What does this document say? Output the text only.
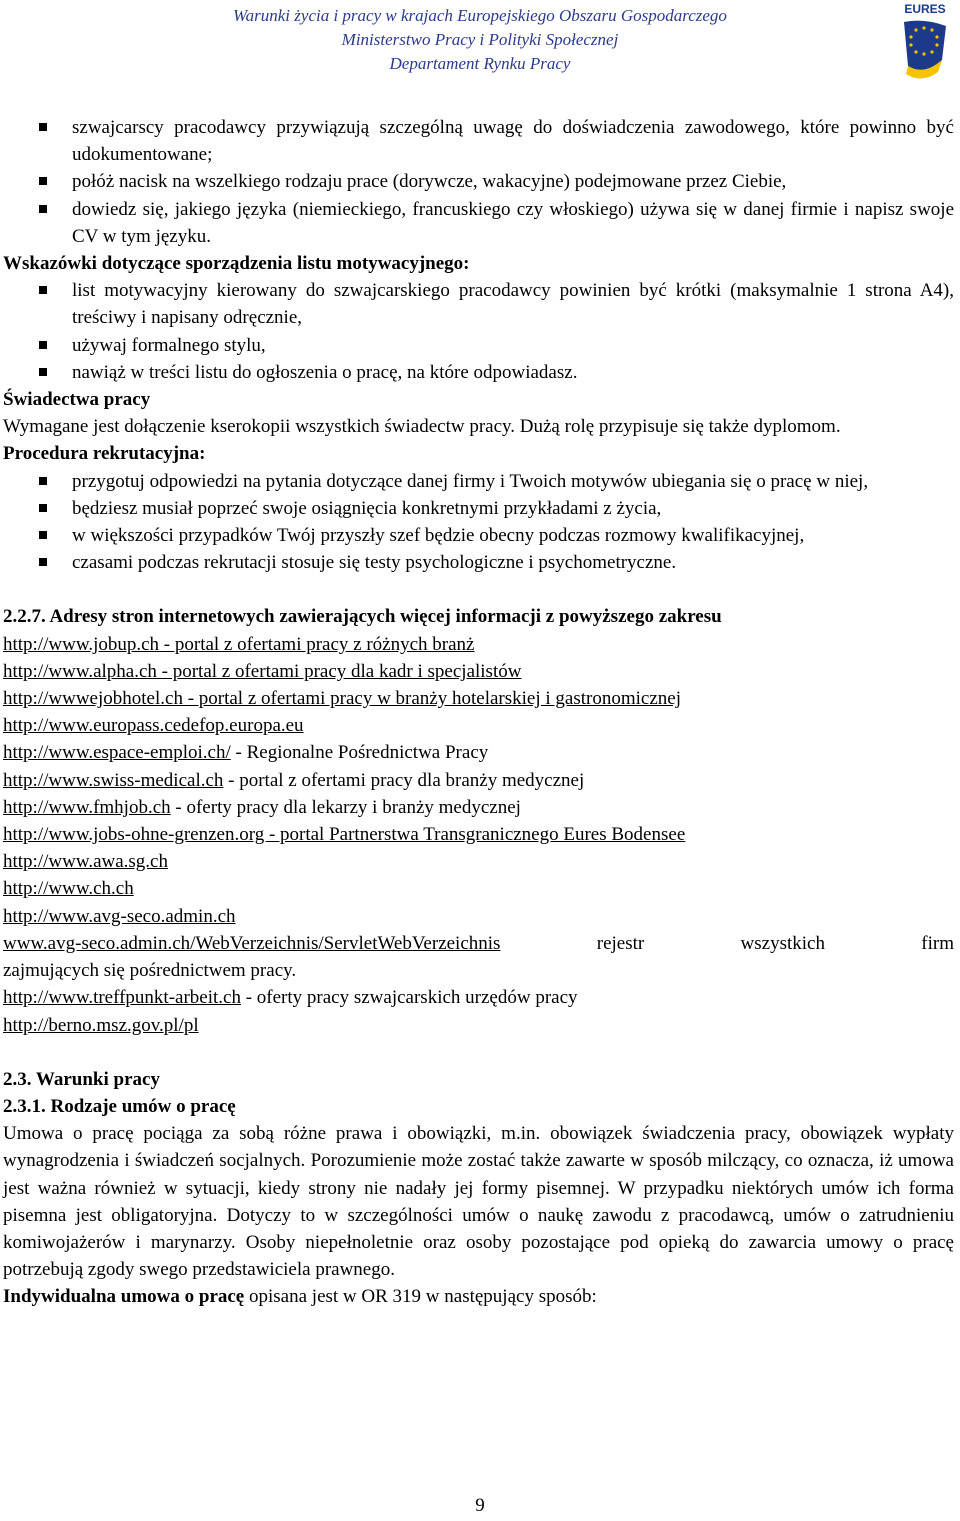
Warunki życia i pracy w krajach Europejskiego Obszaru Gospodarczego
Ministerstwo Pracy i Polityki Społecznej
Departament Rynku Pracy
EURES
szwajcarscy pracodawcy przywiązują szczególną uwagę do doświadczenia zawodowego, które powinno być udokumentowane;
połóż nacisk na wszelkiego rodzaju prace (dorywcze, wakacyjne) podejmowane przez Ciebie,
dowiedz się, jakiego języka (niemieckiego, francuskiego czy włoskiego) używa się w danej firmie i napisz swoje CV w tym języku.

Wskazówki dotyczące sporządzenia listu motywacyjnego:

list motywacyjny kierowany do szwajcarskiego pracodawcy powinien być krótki (maksymalnie 1 strona A4), treściwy i napisany odręcznie,
używaj formalnego stylu,
nawiąż w treści listu do ogłoszenia o pracę, na które odpowiadasz.

Świadectwa pracy

Wymagane jest dołączenie kserokopii wszystkich świadectw pracy. Dużą rolę przypisuje się także dyplomom.

Procedura rekrutacyjna:

przygotuj odpowiedzi na pytania dotyczące danej firmy i Twoich motywów ubiegania się o pracę w niej,
będziesz musiał poprzeć swoje osiągnięcia konkretnymi przykładami z życia,
w większości przypadków Twój przyszły szef będzie obecny podczas rozmowy kwalifikacyjnej,
czasami podczas rekrutacji stosuje się testy psychologiczne i psychometryczne.

2.2.7. Adresy stron internetowych zawierających więcej informacji z powyższego zakresu

http://www.jobup.ch - portal z ofertami pracy z różnych branż

http://www.alpha.ch - portal z ofertami pracy dla kadr i specjalistów

http://wwwejobhotel.ch - portal z ofertami pracy w branży hotelarskiej i gastronomicznej

http://www.europass.cedefop.europa.eu

http://www.espace-emploi.ch/ - Regionalne Pośrednictwa Pracy

http://www.swiss-medical.ch - portal z ofertami pracy dla branży medycznej

http://www.fmhjob.ch - oferty pracy dla lekarzy i branży medycznej

http://www.jobs-ohne-grenzen.org - portal Partnerstwa Transgranicznego Eures Bodensee

http://www.awa.sg.ch

http://www.ch.ch

http://www.avg-seco.admin.ch

www.avg-seco.admin.ch/WebVerzeichnis/ServletWebVerzeichnis	rejestr	wszystkich	firm

zajmujących się pośrednictwem pracy.

http://www.treffpunkt-arbeit.ch - oferty pracy szwajcarskich urzędów pracy

http://berno.msz.gov.pl/pl

2.3. Warunki pracy

2.3.1. Rodzaje umów o pracę

Umowa o pracę pociąga za sobą różne prawa i obowiązki, m.in. obowiązek świadczenia pracy, obowiązek wypłaty wynagrodzenia i świadczeń socjalnych. Porozumienie może zostać także zawarte w sposób milczący, co oznacza, iż umowa jest ważna również w sytuacji, kiedy strony nie nadały jej formy pisemnej. W przypadku niektórych umów ich forma pisemna jest obligatoryjna. Dotyczy to w szczególności umów o naukę zawodu z pracodawcą, umów o zatrudnieniu komiwojażerów i marynarzy. Osoby niepełnoletnie oraz osoby pozostające pod opieką do zawarcia umowy o pracę potrzebują zgody swego przedstawiciela prawnego.

Indywidualna umowa o pracę opisana jest w OR 319 w następujący sposób:

9
